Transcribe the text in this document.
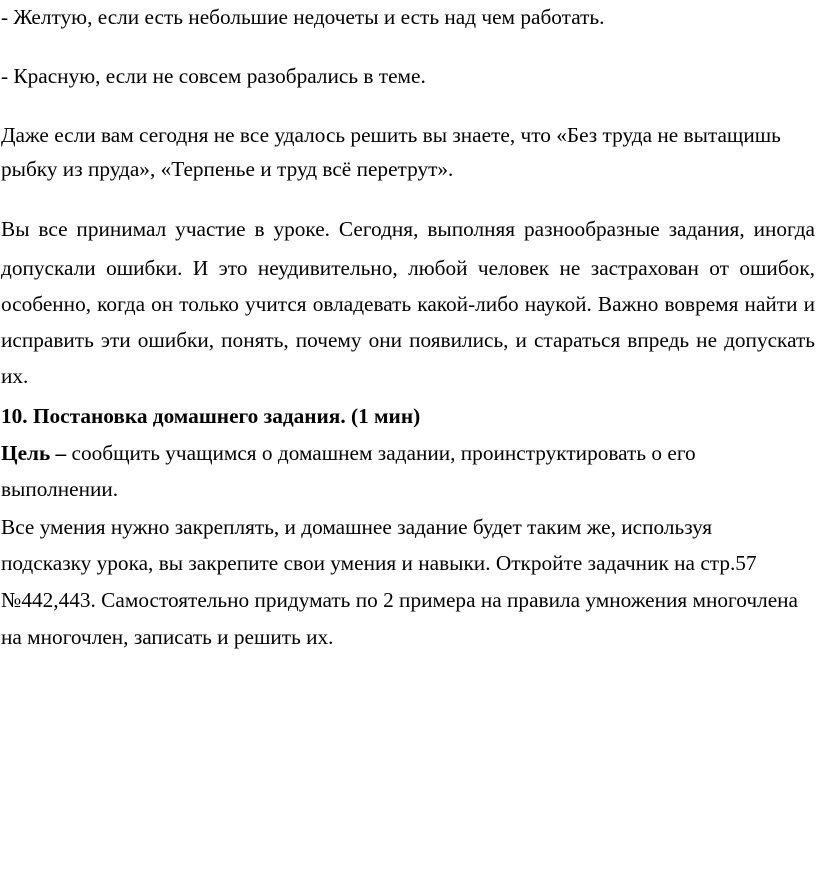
- Желтую, если есть небольшие недочеты и есть над чем работать.
- Красную, если не совсем разобрались в теме.
Даже если вам сегодня не все удалось решить вы знаете, что «Без труда не вытащишь
рыбку из пруда», «Терпенье и труд всё перетрут».
Вы все принимал участие в уроке. Сегодня, выполняя разнообразные задания, иногда
допускали ошибки. И это неудивительно, любой человек не застрахован от ошибок,
особенно, когда он только учится овладевать какой-либо наукой. Важно вовремя найти и
исправить эти ошибки, понять, почему они появились, и стараться впредь не допускать
их.
10. Постановка домашнего задания. (1 мин)
Цель – сообщить учащимся о домашнем задании, проинструктировать о его
выполнении.
Все умения нужно закреплять, и домашнее задание будет таким же, используя
подсказку урока, вы закрепите свои умения и навыки. Откройте задачник на стр.57
№442,443. Самостоятельно придумать по 2 примера на правила умножения многочлена
на многочлен, записать и решить их.
